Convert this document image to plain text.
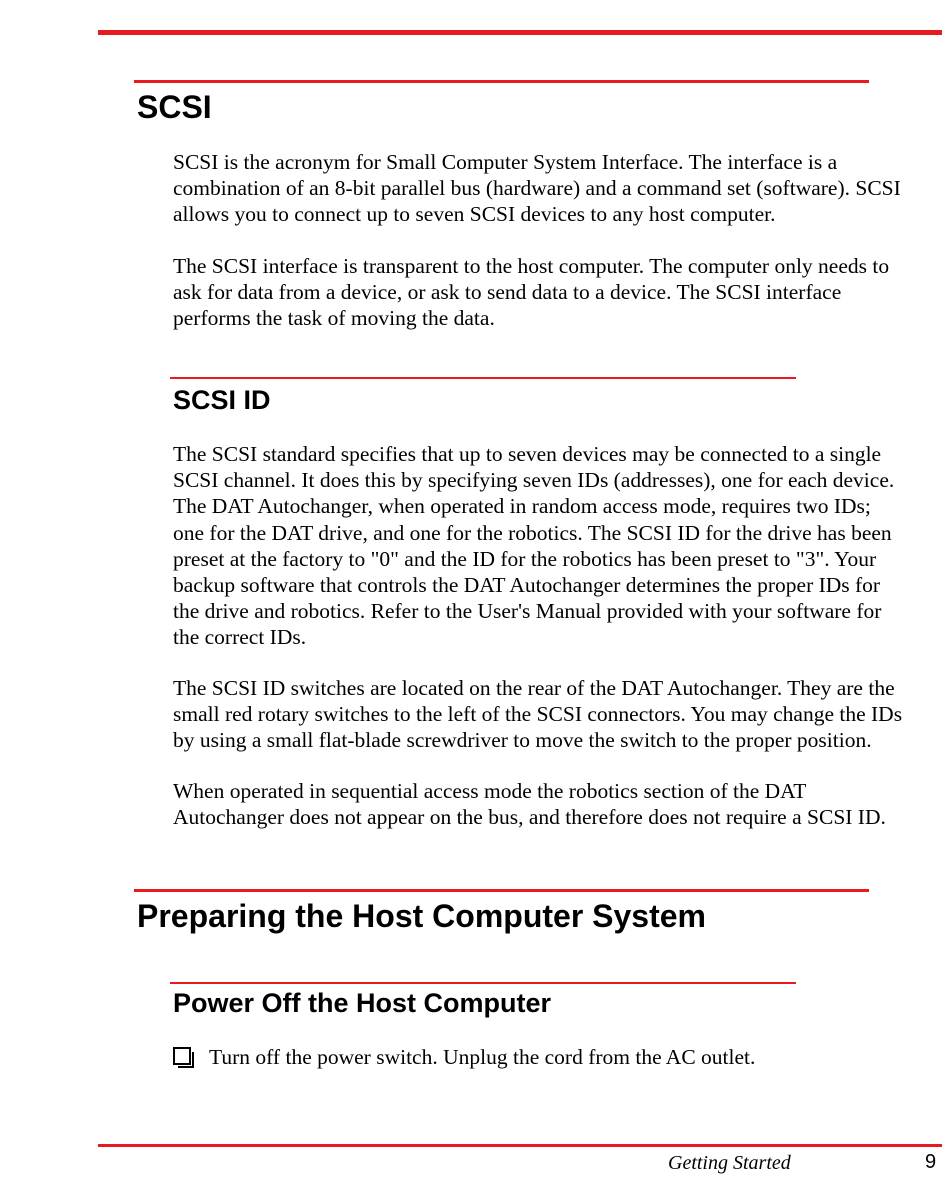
SCSI

SCSI is the acronym for Small Computer System Interface. The interface is a
combination of an 8-bit parallel bus (hardware) and a command set (software). SCSI
allows you to connect up to seven SCSI devices to any host computer.

The SCSI interface is transparent to the host computer. The computer only needs to
ask for data from a device, or ask to send data to a device. The SCSI interface
performs the task of moving the data.

SCSI ID

The SCSI standard specifies that up to seven devices may be connected to a single
SCSI channel. It does this by specifying seven IDs (addresses), one for each device.
The DAT Autochanger, when operated in random access mode, requires two IDs;
one for the DAT drive, and one for the robotics. The SCSI ID for the drive has been
preset at the factory to "0" and the ID for the robotics has been preset to "3". Your
backup software that controls the DAT Autochanger determines the proper IDs for
the drive and robotics. Refer to the User's Manual provided with your software for
the correct IDs.

The SCSI ID switches are located on the rear of the DAT Autochanger. They are the
small red rotary switches to the left of the SCSI connectors. You may change the IDs
by using a small flat-blade screwdriver to move the switch to the proper position.

When operated in sequential access mode the robotics section of the DAT
Autochanger does not appear on the bus, and therefore does not require a SCSI ID.

Preparing the Host Computer System
Power Off the Host Computer
Turn off the power switch. Unplug the cord from the AC outlet.
Getting Started	9
